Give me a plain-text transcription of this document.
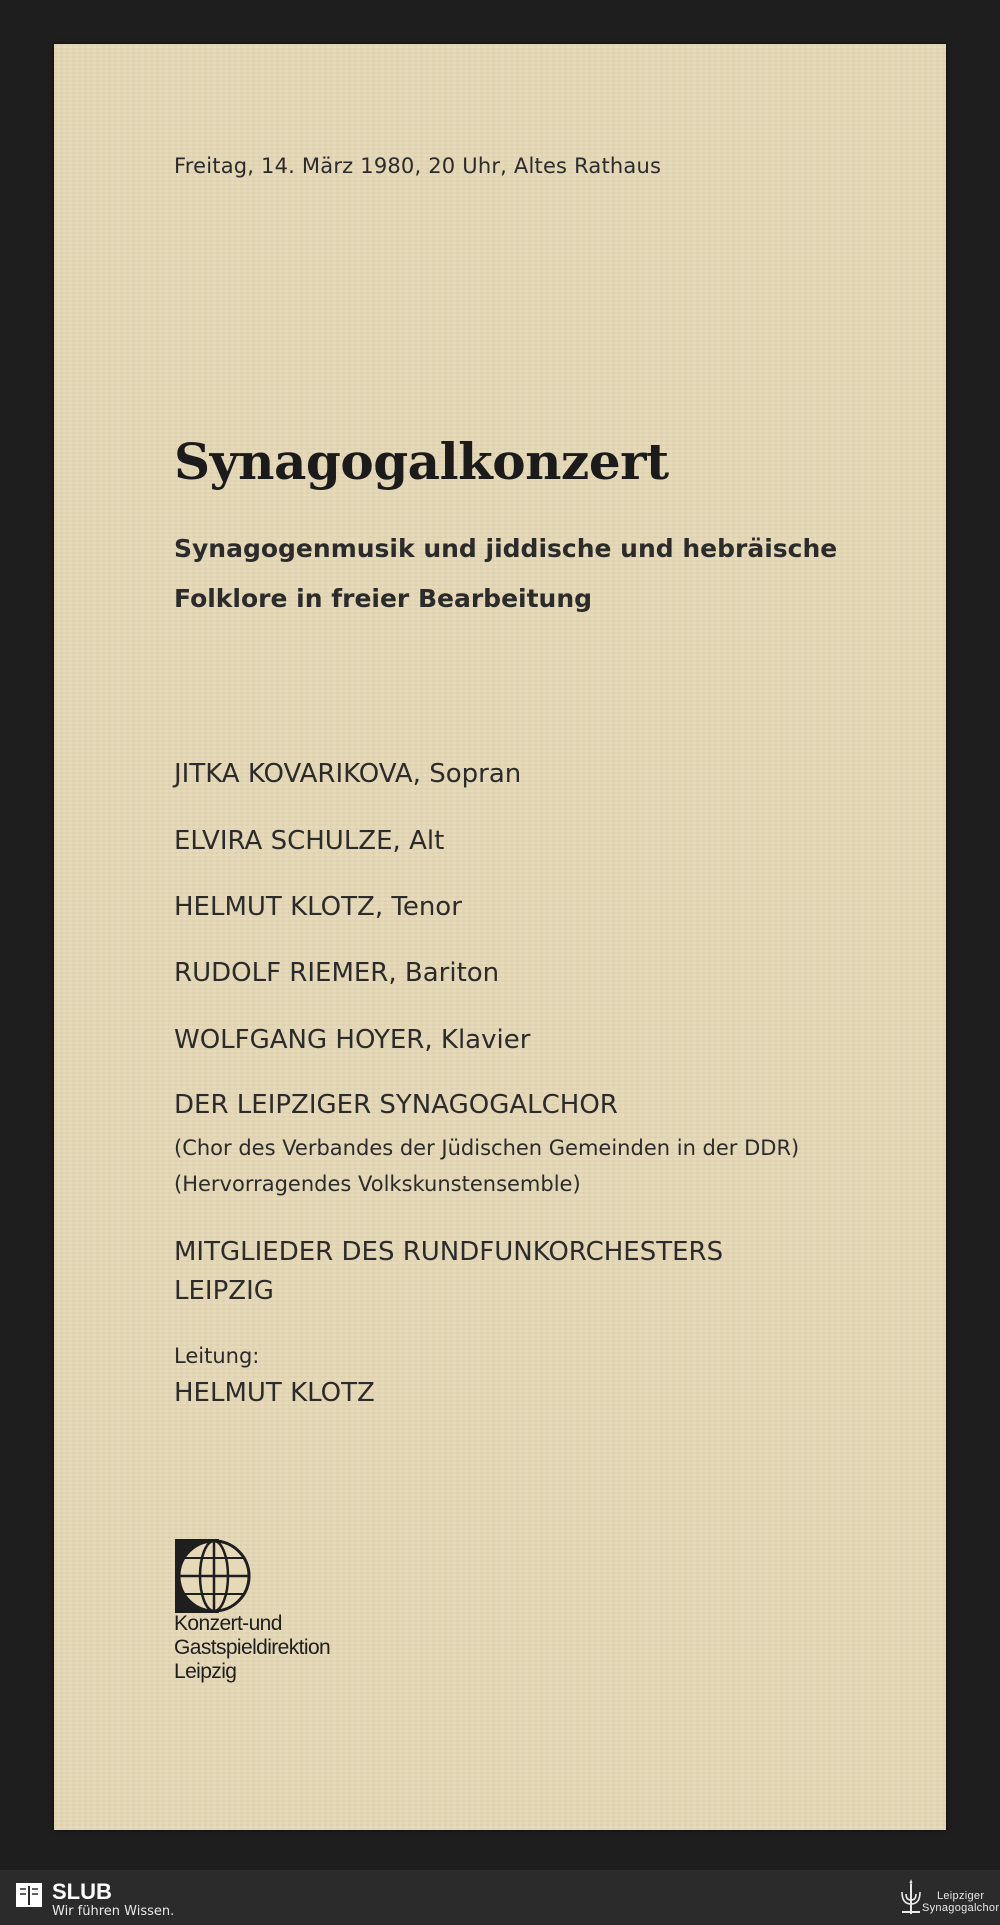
Freitag, 14. März 1980, 20 Uhr, Altes Rathaus
Synagogalkonzert
Synagogenmusik und jiddische und hebräische
Folklore in freier Bearbeitung
JITKA KOVARIKOVA, Sopran
ELVIRA SCHULZE, Alt
HELMUT KLOTZ, Tenor
RUDOLF RIEMER, Bariton
WOLFGANG HOYER, Klavier
DER LEIPZIGER SYNAGOGALCHOR
(Chor des Verbandes der Jüdischen Gemeinden in der DDR)
(Hervorragendes Volkskunstensemble)
MITGLIEDER DES RUNDFUNKORCHESTERS
LEIPZIG
Leitung:
HELMUT KLOTZ
Konzert-und
Gastspieldirektion
Leipzig
SLUB
Wir führen Wissen.
Leipziger
Synagogalchor
